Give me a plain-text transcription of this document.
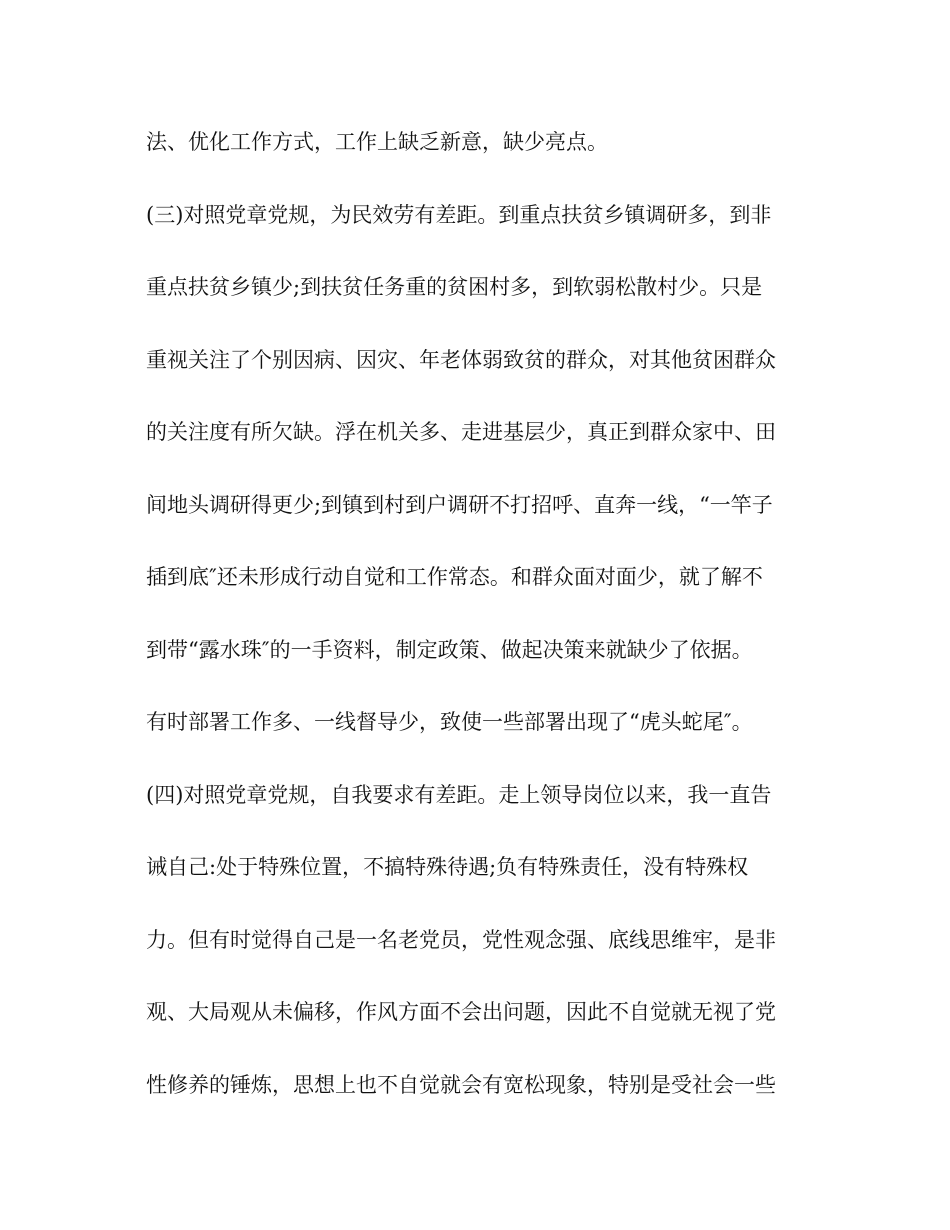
法、优化工作方式，工作上缺乏新意，缺少亮点。
(三)对照党章党规，为民效劳有差距。到重点扶贫乡镇调研多，到非
重点扶贫乡镇少;到扶贫任务重的贫困村多，到软弱松散村少。只是
重视关注了个别因病、因灾、年老体弱致贫的群众，对其他贫困群众
的关注度有所欠缺。浮在机关多、走进基层少，真正到群众家中、田
间地头调研得更少;到镇到村到户调研不打招呼、直奔一线，“一竿子
插到底″还未形成行动自觉和工作常态。和群众面对面少，就了解不
到带“露水珠″的一手资料，制定政策、做起决策来就缺少了依据。
有时部署工作多、一线督导少，致使一些部署出现了“虎头蛇尾″。
(四)对照党章党规，自我要求有差距。走上领导岗位以来，我一直告
诫自己:处于特殊位置，不搞特殊待遇;负有特殊责任，没有特殊权
力。但有时觉得自己是一名老党员，党性观念强、底线思维牢，是非
观、大局观从未偏移，作风方面不会出问题，因此不自觉就无视了党
性修养的锤炼，思想上也不自觉就会有宽松现象，特别是受社会一些
